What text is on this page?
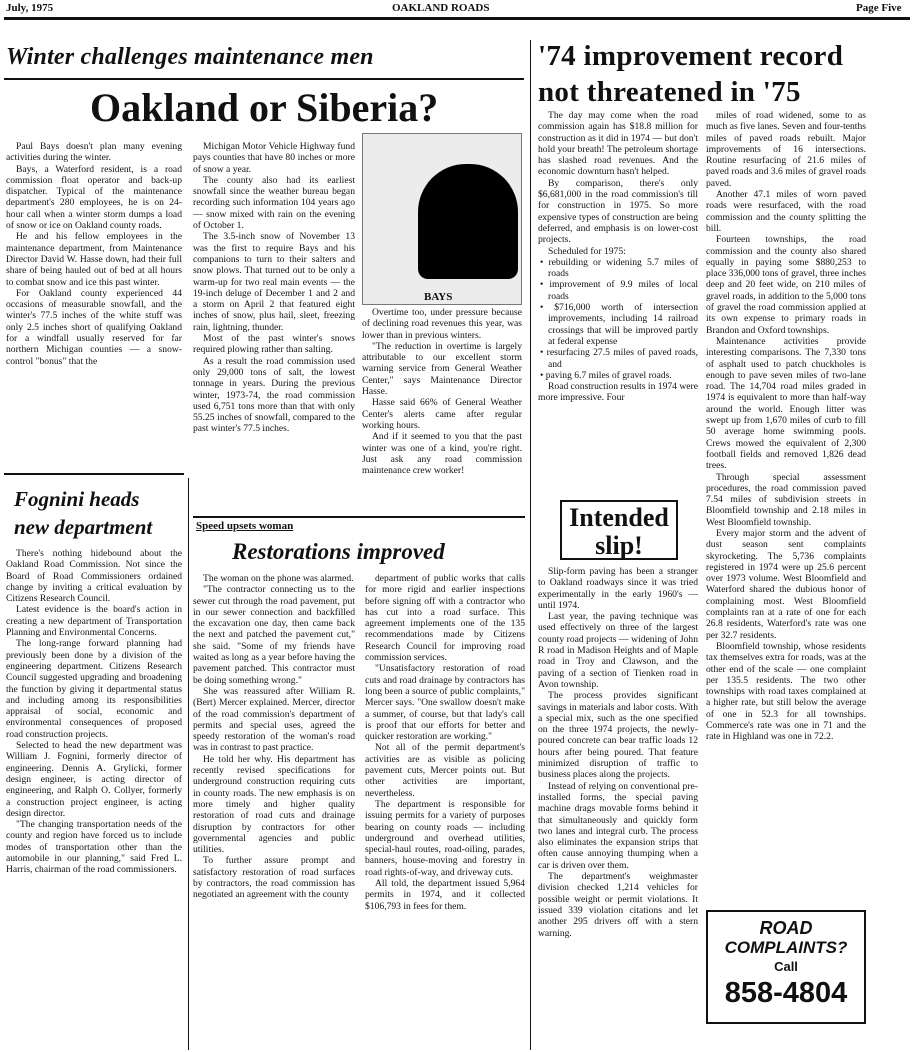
July, 1975	OAKLAND ROADS	Page Five
Winter challenges maintenance men
Oakland or Siberia?

Paul Bays doesn't plan many evening activities during the winter.

Bays, a Waterford resident, is a road commission float operator and back-up dispatcher. Typical of the maintenance department's 280 employees, he is on 24-hour call when a winter storm dumps a load of snow or ice on Oakland county roads.

He and his fellow employees in the maintenance department, from Maintenance Director David W. Hasse down, had their full share of being hauled out of bed at all hours to combat snow and ice this past winter.

For Oakland county experienced 44 occasions of measurable snowfall, and the winter's 77.5 inches of the white stuff was only 2.5 inches short of qualifying Oakland for a windfall usually reserved for far northern Michigan counties — a snow-control "bonus" that the

Michigan Motor Vehicle Highway fund pays counties that have 80 inches or more of snow a year.

The county also had its earliest snowfall since the weather bureau began recording such information 104 years ago — snow mixed with rain on the evening of October 1.

The 3.5-inch snow of November 13 was the first to require Bays and his companions to turn to their salters and snow plows. That turned out to be only a warm-up for two real main events — the 19-inch deluge of December 1 and 2 and a storm on April 2 that featured eight inches of snow, plus hail, sleet, freezing rain, lightning, thunder.

Most of the past winter's snows required plowing rather than salting.

As a result the road commission used only 29,000 tons of salt, the lowest tonnage in years. During the previous winter, 1973-74, the road commission used 6,751 tons more than that with only 55.25 inches of snowfall, compared to the past winter's 77.5 inches.

BAYS

Overtime too, under pressure because of declining road revenues this year, was lower than in previous winters.

"The reduction in overtime is largely attributable to our excellent storm warning service from General Weather Center," says Maintenance Director Hasse.

Hasse said 66% of General Weather Center's alerts came after regular working hours.

And if it seemed to you that the past winter was one of a kind, you're right. Just ask any road commission maintenance crew worker!

Fognini heads
new department

There's nothing hidebound about the Oakland Road Commission. Not since the Board of Road Commissioners ordained change by inviting a critical evaluation by Citizens Research Council.

Latest evidence is the board's action in creating a new department of Transportation Planning and Environmental Concerns.

The long-range forward planning had previously been done by a division of the engineering department. Citizens Research Council suggested upgrading and broadening the function by giving it departmental status and including among its responsibilities appraisal of social, economic and environmental consequences of proposed road construction projects.

Selected to head the new department was William J. Fognini, formerly director of engineering. Dennis A. Grylicki, former design engineer, is acting director of engineering, and Ralph O. Collyer, formerly a construction project engineer, is acting design director.

"The changing transportation needs of the county and region have forced us to include modes of transportation other than the automobile in our planning," said Fred L. Harris, chairman of the road commissioners.

Speed upsets woman
Restorations improved

The woman on the phone was alarmed.

"The contractor connecting us to the sewer cut through the road pavement, put in our sewer connection and backfilled the excavation one day, then came back the next and patched the pavement cut," she said. "Some of my friends have waited as long as a year before having the pavement patched. This contractor must be doing something wrong."

She was reassured after William R. (Bert) Mercer explained. Mercer, director of the road commission's department of permits and special uses, agreed the speedy restoration of the woman's road was in contrast to past practice.

He told her why. His department has recently revised specifications for underground construction requiring cuts in county roads. The new emphasis is on more timely and higher quality restoration of road cuts and drainage disruption by contractors for other governmental agencies and public utilities.

To further assure prompt and satisfactory restoration of road surfaces by contractors, the road commission has negotiated an agreement with the county

department of public works that calls for more rigid and earlier inspections before signing off with a contractor who has cut into a road surface. This agreement implements one of the 135 recommendations made by Citizens Research Council for improving road commission services.

"Unsatisfactory restoration of road cuts and road drainage by contractors has long been a source of public complaints," Mercer says. "One swallow doesn't make a summer, of course, but that lady's call is proof that our efforts for better and quicker restoration are working."

Not all of the permit department's activities are as visible as policing pavement cuts, Mercer points out. But other activities are important, nevertheless.

The department is responsible for issuing permits for a variety of purposes bearing on county roads — including underground and overhead utilities, special-haul routes, road-oiling, parades, banners, house-moving and forestry in road rights-of-way, and driveway cuts.

All told, the department issued 5,964 permits in 1974, and it collected $106,793 in fees for them.

'74 improvement record
not threatened in '75

The day may come when the road commission again has $18.8 million for construction as it did in 1974 — but don't hold your breath! The petroleum shortage has slashed road revenues. And the economic downturn hasn't helped.

By comparison, there's only $6,681,000 in the road commission's till for construction in 1975. So more expensive types of construction are being deferred, and emphasis is on lower-cost projects.

Scheduled for 1975:

• rebuilding or widening 5.7 miles of roads
• improvement of 9.9 miles of local roads
• $716,000 worth of intersection improvements, including 14 railroad crossings that will be improved partly at federal expense
• resurfacing 27.5 miles of paved roads, and
• paving 6.7 miles of gravel roads.

Road construction results in 1974 were more impressive. Four

miles of road widened, some to as much as five lanes. Seven and four-tenths miles of paved roads rebuilt. Major improvements of 16 intersections. Routine resurfacing of 21.6 miles of paved roads and 3.6 miles of gravel roads paved.

Another 47.1 miles of worn paved roads were resurfaced, with the road commission and the county splitting the bill.

Fourteen townships, the road commission and the county also shared equally in paying some $880,253 to place 336,000 tons of gravel, three inches deep and 20 feet wide, on 210 miles of gravel roads, in addition to the 5,000 tons of gravel the road commission applied at its own expense to primary roads in Brandon and Oxford townships.

Maintenance activities provide interesting comparisons. The 7,330 tons of asphalt used to patch chuckholes is enough to pave seven miles of two-lane road. The 14,704 road miles graded in 1974 is equivalent to more than half-way around the world. Enough litter was swept up from 1,670 miles of curb to fill 50 average home swimming pools. Crews mowed the equivalent of 2,300 football fields and removed 1,826 dead trees.

Through special assessment procedures, the road commission paved 7.54 miles of subdivision streets in Bloomfield township and 2.18 miles in West Bloomfield township.

Every major storm and the advent of dust season sent complaints skyrocketing. The 5,736 complaints registered in 1974 were up 25.6 percent over 1973 volume. West Bloomfield and Waterford shared the dubious honor of complaining most. West Bloomfield complaints ran at a rate of one for each 26.8 residents, Waterford's rate was one per 32.7 residents.

Bloomfield township, whose residents tax themselves extra for roads, was at the other end of the scale — one complaint per 135.5 residents. The two other townships with road taxes complained at a higher rate, but still below the average of one in 52.3 for all townships. Commerce's rate was one in 71 and the rate in Highland was one in 72.2.

Intended
slip!

Slip-form paving has been a stranger to Oakland roadways since it was tried experimentally in the early 1960's — until 1974.

Last year, the paving technique was used effectively on three of the largest county road projects — widening of John R road in Madison Heights and of Maple road in Troy and Clawson, and the paving of a section of Tienken road in Avon township.

The process provides significant savings in materials and labor costs. With a special mix, such as the one specified on the three 1974 projects, the newly-poured concrete can bear traffic loads 12 hours after being poured. That feature minimized disruption of traffic to business places along the projects.

Instead of relying on conventional pre-installed forms, the special paving machine drags movable forms behind it that simultaneously and quickly form two lanes and integral curb. The process also eliminates the expansion strips that often cause annoying thumping when a car is driven over them.

The department's weighmaster division checked 1,214 vehicles for possible weight or permit violations. It issued 339 violation citations and let another 295 drivers off with a stern warning.	ROAD
COMPLAINTS?
Call
858-4804
